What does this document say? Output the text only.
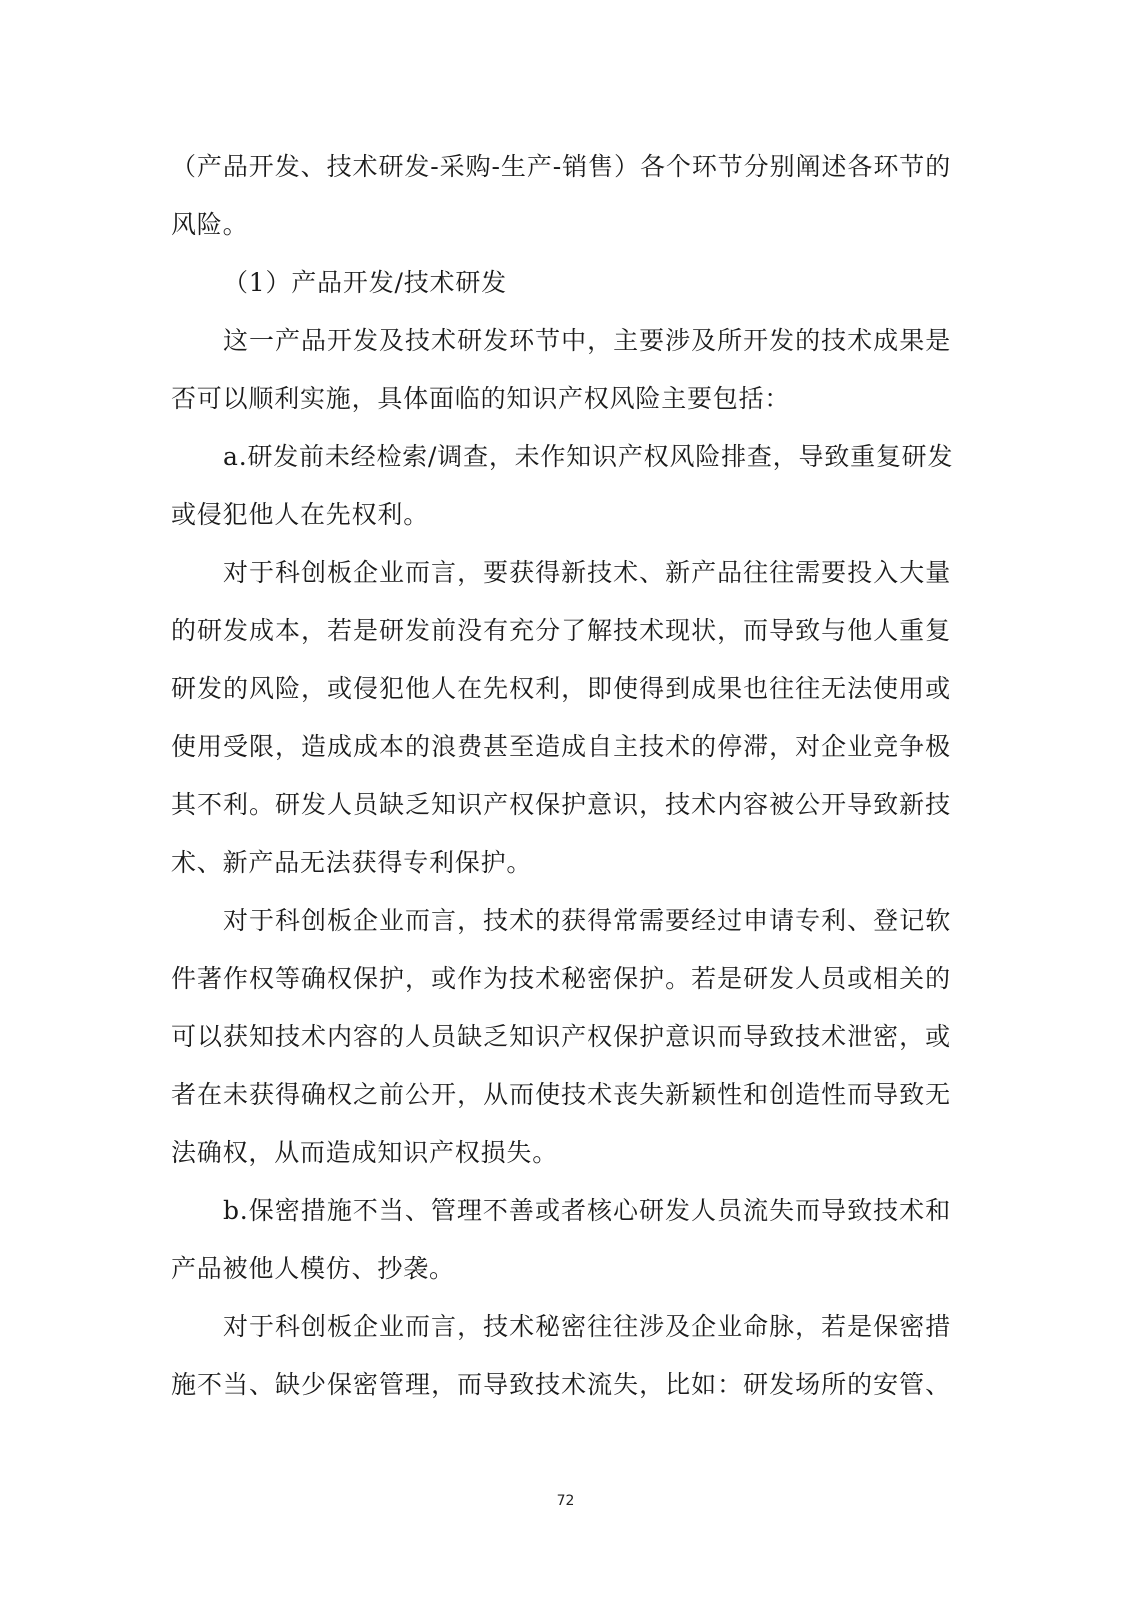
（产品开发、技术研发-采购-生产-销售）各个环节分别阐述各环节的
风险。
（1）产品开发/技术研发
这一产品开发及技术研发环节中，主要涉及所开发的技术成果是
否可以顺利实施，具体面临的知识产权风险主要包括：
a.研发前未经检索/调查，未作知识产权风险排查，导致重复研发
或侵犯他人在先权利。
对于科创板企业而言，要获得新技术、新产品往往需要投入大量
的研发成本，若是研发前没有充分了解技术现状，而导致与他人重复
研发的风险，或侵犯他人在先权利，即使得到成果也往往无法使用或
使用受限，造成成本的浪费甚至造成自主技术的停滞，对企业竞争极
其不利。研发人员缺乏知识产权保护意识，技术内容被公开导致新技
术、新产品无法获得专利保护。
对于科创板企业而言，技术的获得常需要经过申请专利、登记软
件著作权等确权保护，或作为技术秘密保护。若是研发人员或相关的
可以获知技术内容的人员缺乏知识产权保护意识而导致技术泄密，或
者在未获得确权之前公开，从而使技术丧失新颖性和创造性而导致无
法确权，从而造成知识产权损失。
b.保密措施不当、管理不善或者核心研发人员流失而导致技术和
产品被他人模仿、抄袭。
对于科创板企业而言，技术秘密往往涉及企业命脉，若是保密措
施不当、缺少保密管理，而导致技术流失，比如：研发场所的安管、
72
